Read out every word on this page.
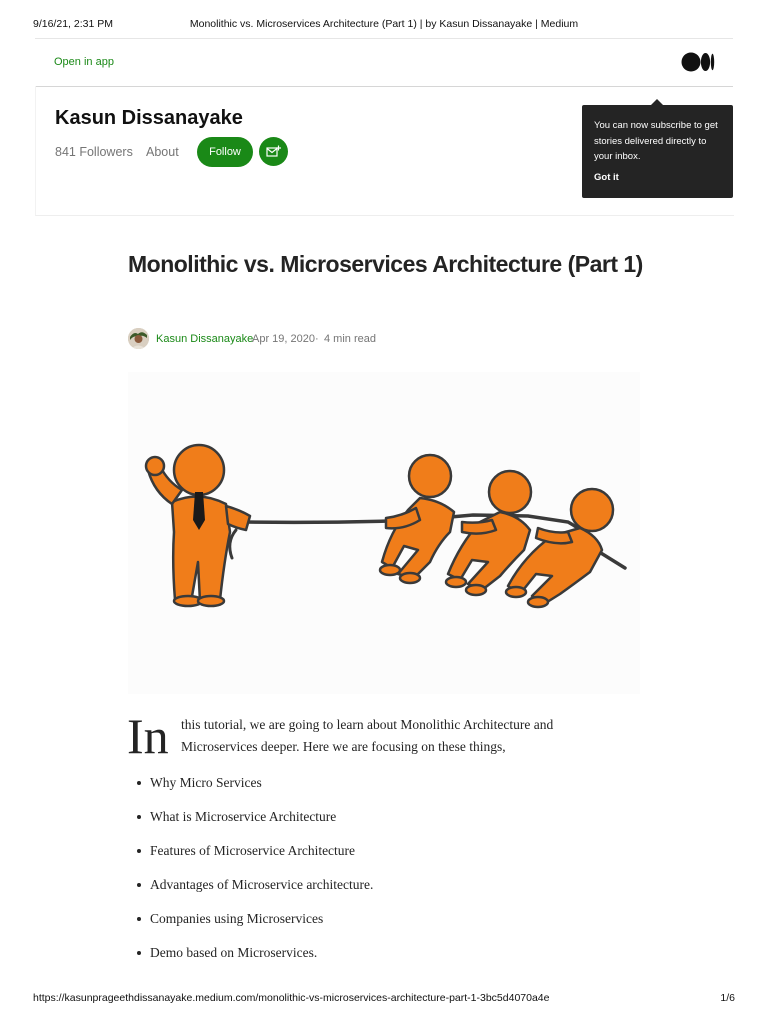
9/16/21, 2:31 PM	Monolithic vs. Microservices Architecture (Part 1) | by Kasun Dissanayake | Medium
Open in app
Kasun Dissanayake
841 Followers About	Follow
You can now subscribe to get stories delivered directly to your inbox.
Got it
Monolithic vs. Microservices Architecture (Part 1)
Kasun Dissanayake
Apr 19, 2020 · 4 min read
In this tutorial, we are going to learn about Monolithic Architecture and Microservices deeper. Here we are focusing on these things,

Why Micro Services
What is Microservice Architecture
Features of Microservice Architecture
Advantages of Microservice architecture.
Companies using Microservices
Demo based on Microservices.
https://kasunprageethdissanayake.medium.com/monolithic-vs-microservices-architecture-part-1-3bc5d4070a4e	1/6
